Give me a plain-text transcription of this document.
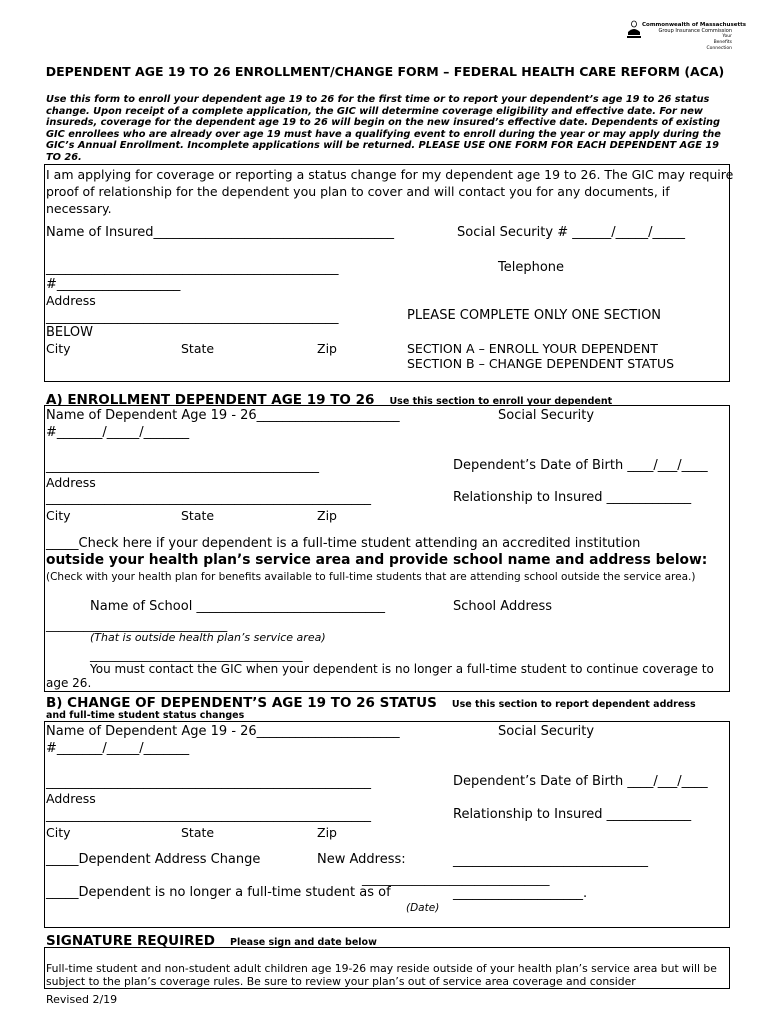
Commonwealth of Massachusetts
Group Insurance Commission
Your
Benefits
Connection
DEPENDENT AGE 19 TO 26 ENROLLMENT/CHANGE FORM – FEDERAL HEALTH CARE REFORM (ACA)
Use this form to enroll your dependent age 19 to 26 for the first time or to report your dependent’s age 19 to 26 status change. Upon receipt of a complete application, the GIC will determine coverage eligibility and effective date. For new insureds, coverage for the dependent age 19 to 26 will begin on the new insured’s effective date. Dependents of existing GIC enrollees who are already over age 19 must have a qualifying event to enroll during the year or may apply during the GIC’s Annual Enrollment. Incomplete applications will be returned. PLEASE USE ONE FORM FOR EACH DEPENDENT AGE 19 TO 26.
I am applying for coverage or reporting a status change for my dependent age 19 to 26. The GIC may require proof of relationship for the dependent you plan to cover and will contact you for any documents, if necessary.
Name of Insured_____________________________________	Social Security # ______/_____/_____
_____________________________________________	Telephone
#___________________
Address
_____________________________________________	PLEASE COMPLETE ONLY ONE SECTION
BELOW
City	State	Zip	SECTION A – ENROLL YOUR DEPENDENT
SECTION B – CHANGE DEPENDENT STATUS
A) ENROLLMENT DEPENDENT AGE 19 TO 26 Use this section to enroll your dependent
Name of Dependent Age 19 - 26______________________	Social Security
#_______/_____/_______
__________________________________________	Dependent’s Date of Birth ____/___/____
Address
__________________________________________________	Relationship to Insured _____________
City	State	Zip
_____Check here if your dependent is a full-time student attending an accredited institution
outside your health plan’s service area and provide school name and address below:
(Check with your health plan for benefits available to full-time students that are attending school outside the service area.)
Name of School _____________________________	School Address
_____________________________
(That is outside health plan’s service area)
__________________________________
You must contact the GIC when your dependent is no longer a full-time student to continue coverage to age 26.
B) CHANGE OF DEPENDENT’S AGE 19 TO 26 STATUS Use this section to report dependent address
and full-time student status changes
Name of Dependent Age 19 - 26______________________	Social Security
#_______/_____/_______
__________________________________________________	Dependent’s Date of Birth ____/___/____
Address
__________________________________________________	Relationship to Insured _____________
City	State	Zip
_____Dependent Address Change	New Address:	______________________________
______________________________
_____Dependent is no longer a full-time student as of	____________________.
(Date)
SIGNATURE REQUIRED Please sign and date below
Full-time student and non-student adult children age 19-26 may reside outside of your health plan’s service area but will be subject to the plan’s coverage rules. Be sure to review your plan’s out of service area coverage and consider
Revised 2/19
